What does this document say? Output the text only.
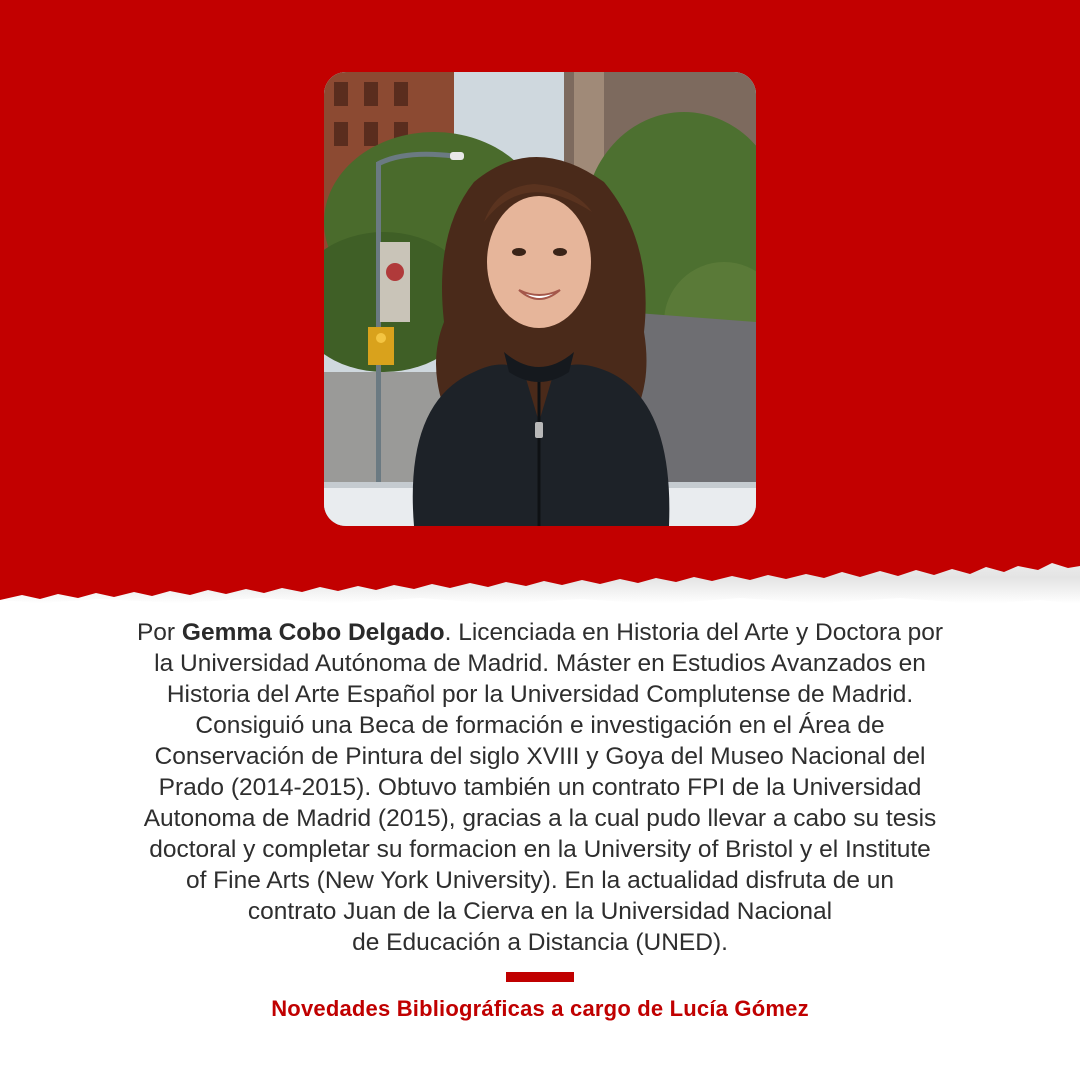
Por Gemma Cobo Delgado. Licenciada en Historia del Arte y Doctora por
la Universidad Autónoma de Madrid. Máster en Estudios Avanzados en
Historia del Arte Español por la Universidad Complutense de Madrid.
Consiguió una Beca de formación e investigación en el Área de
Conservación de Pintura del siglo XVIII y Goya del Museo Nacional del
Prado (2014-2015). Obtuvo también un contrato FPI de la Universidad
Autonoma de Madrid (2015), gracias a la cual pudo llevar a cabo su tesis
doctoral y completar su formacion en la University of Bristol y el Institute
of Fine Arts (New York University). En la actualidad disfruta de un
contrato Juan de la Cierva en la Universidad Nacional
de Educación a Distancia (UNED).

Novedades Bibliográficas a cargo de Lucía Gómez
